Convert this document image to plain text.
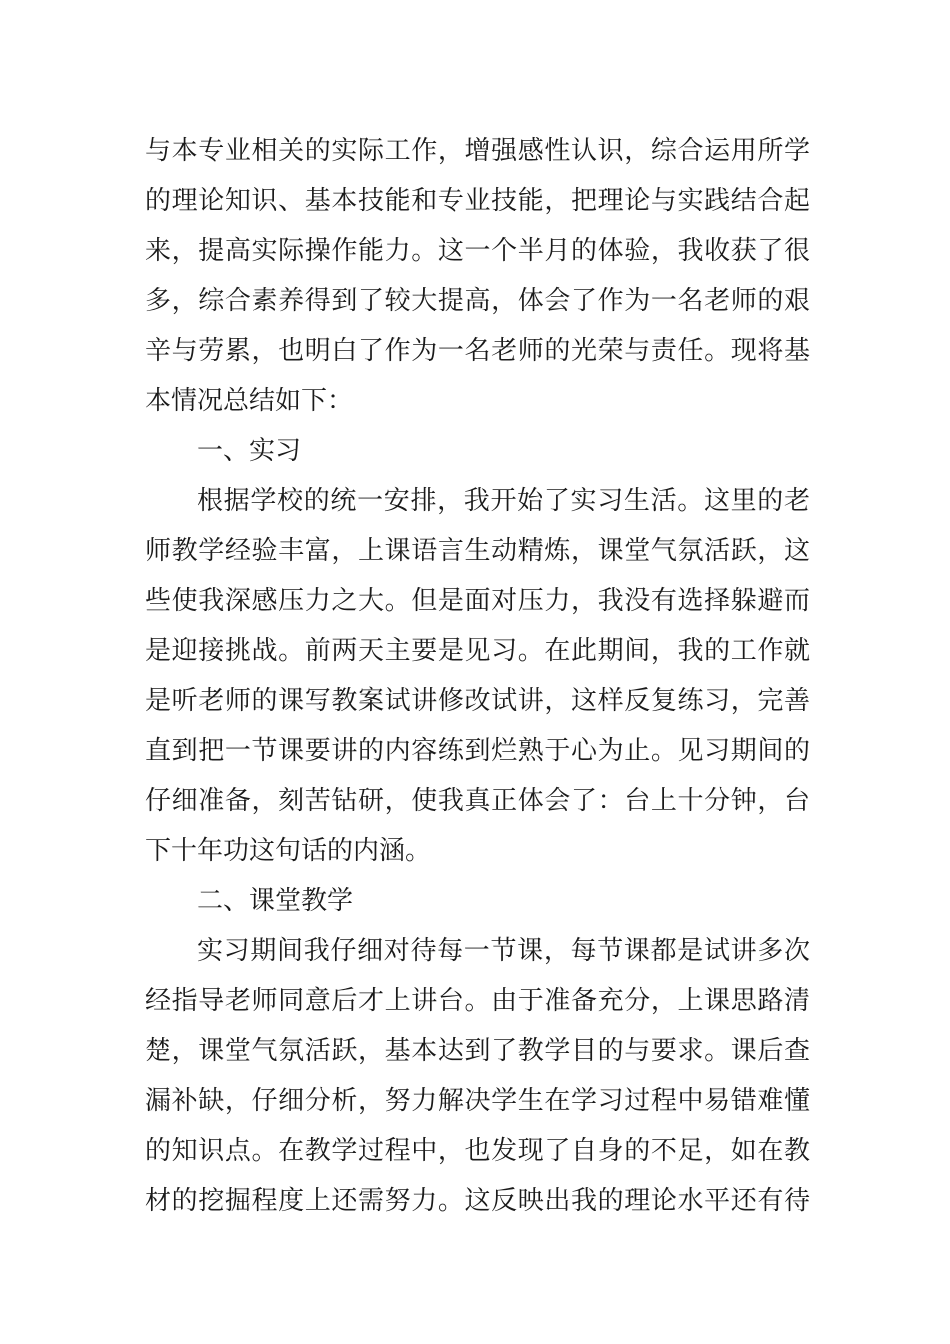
与本专业相关的实际工作，增强感性认识，综合运用所学
的理论知识、基本技能和专业技能，把理论与实践结合起
来，提高实际操作能力。这一个半月的体验，我收获了很
多，综合素养得到了较大提高，体会了作为一名老师的艰
辛与劳累，也明白了作为一名老师的光荣与责任。现将基
本情况总结如下：
一、实习
根据学校的统一安排，我开始了实习生活。这里的老
师教学经验丰富，上课语言生动精炼，课堂气氛活跃，这
些使我深感压力之大。但是面对压力，我没有选择躲避而
是迎接挑战。前两天主要是见习。在此期间，我的工作就
是听老师的课写教案试讲修改试讲，这样反复练习，完善
直到把一节课要讲的内容练到烂熟于心为止。见习期间的
仔细准备，刻苦钻研，使我真正体会了：台上十分钟，台
下十年功这句话的内涵。
二、课堂教学
实习期间我仔细对待每一节课，每节课都是试讲多次
经指导老师同意后才上讲台。由于准备充分，上课思路清
楚，课堂气氛活跃，基本达到了教学目的与要求。课后查
漏补缺，仔细分析，努力解决学生在学习过程中易错难懂
的知识点。在教学过程中，也发现了自身的不足，如在教
材的挖掘程度上还需努力。这反映出我的理论水平还有待
